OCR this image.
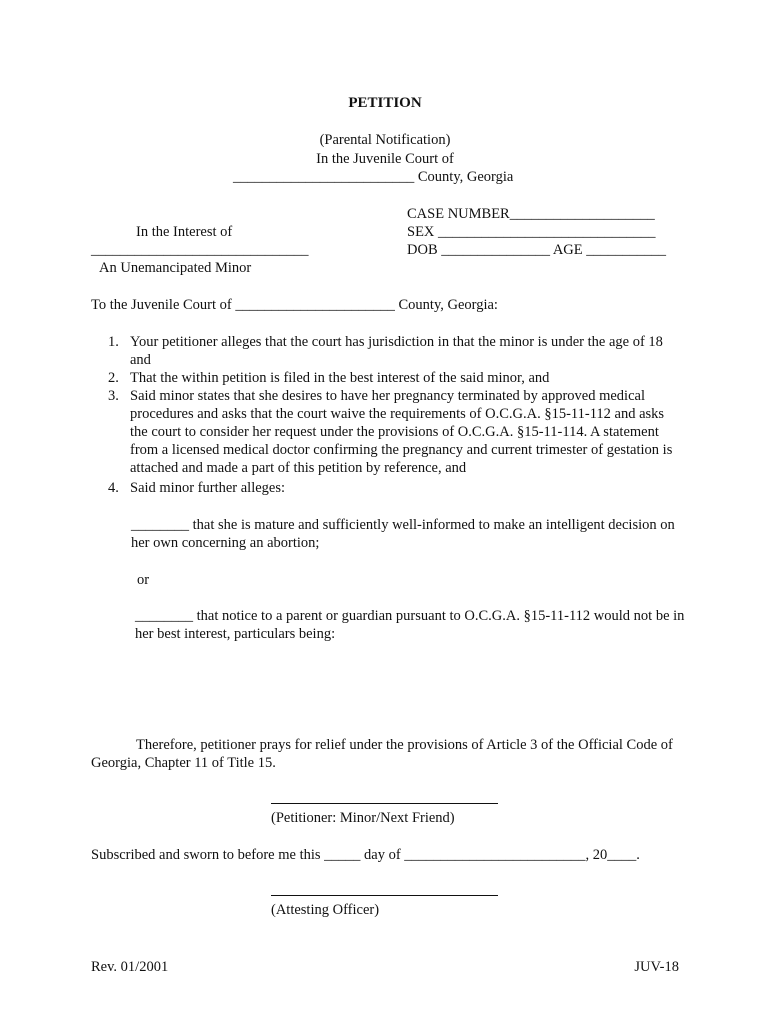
PETITION
(Parental Notification)
In the Juvenile Court of
_________________________ County, Georgia
CASE NUMBER____________________
SEX ______________________________
DOB _______________ AGE ___________
In the Interest of
______________________________
An Unemancipated Minor
To the Juvenile Court of ______________________ County, Georgia:
1. Your petitioner alleges that the court has jurisdiction in that the minor is under the age of 18 and
2. That the within petition is filed in the best interest of the said minor, and
3. Said minor states that she desires to have her pregnancy terminated by approved medical procedures and asks that the court waive the requirements of O.C.G.A. §15-11-112 and asks the court to consider her request under the provisions of O.C.G.A. §15-11-114. A statement from a licensed medical doctor confirming the pregnancy and current trimester of gestation is attached and made a part of this petition by reference, and
4. Said minor further alleges:
________ that she is mature and sufficiently well-informed to make an intelligent decision on her own concerning an abortion;
or
________ that notice to a parent or guardian pursuant to O.C.G.A. §15-11-112 would not be in her best interest, particulars being:
Therefore, petitioner prays for relief under the provisions of Article 3 of the Official Code of Georgia, Chapter 11 of Title 15.
(Petitioner: Minor/Next Friend)
Subscribed and sworn to before me this _____ day of _________________________, 20____.
(Attesting Officer)
Rev. 01/2001	JUV-18
